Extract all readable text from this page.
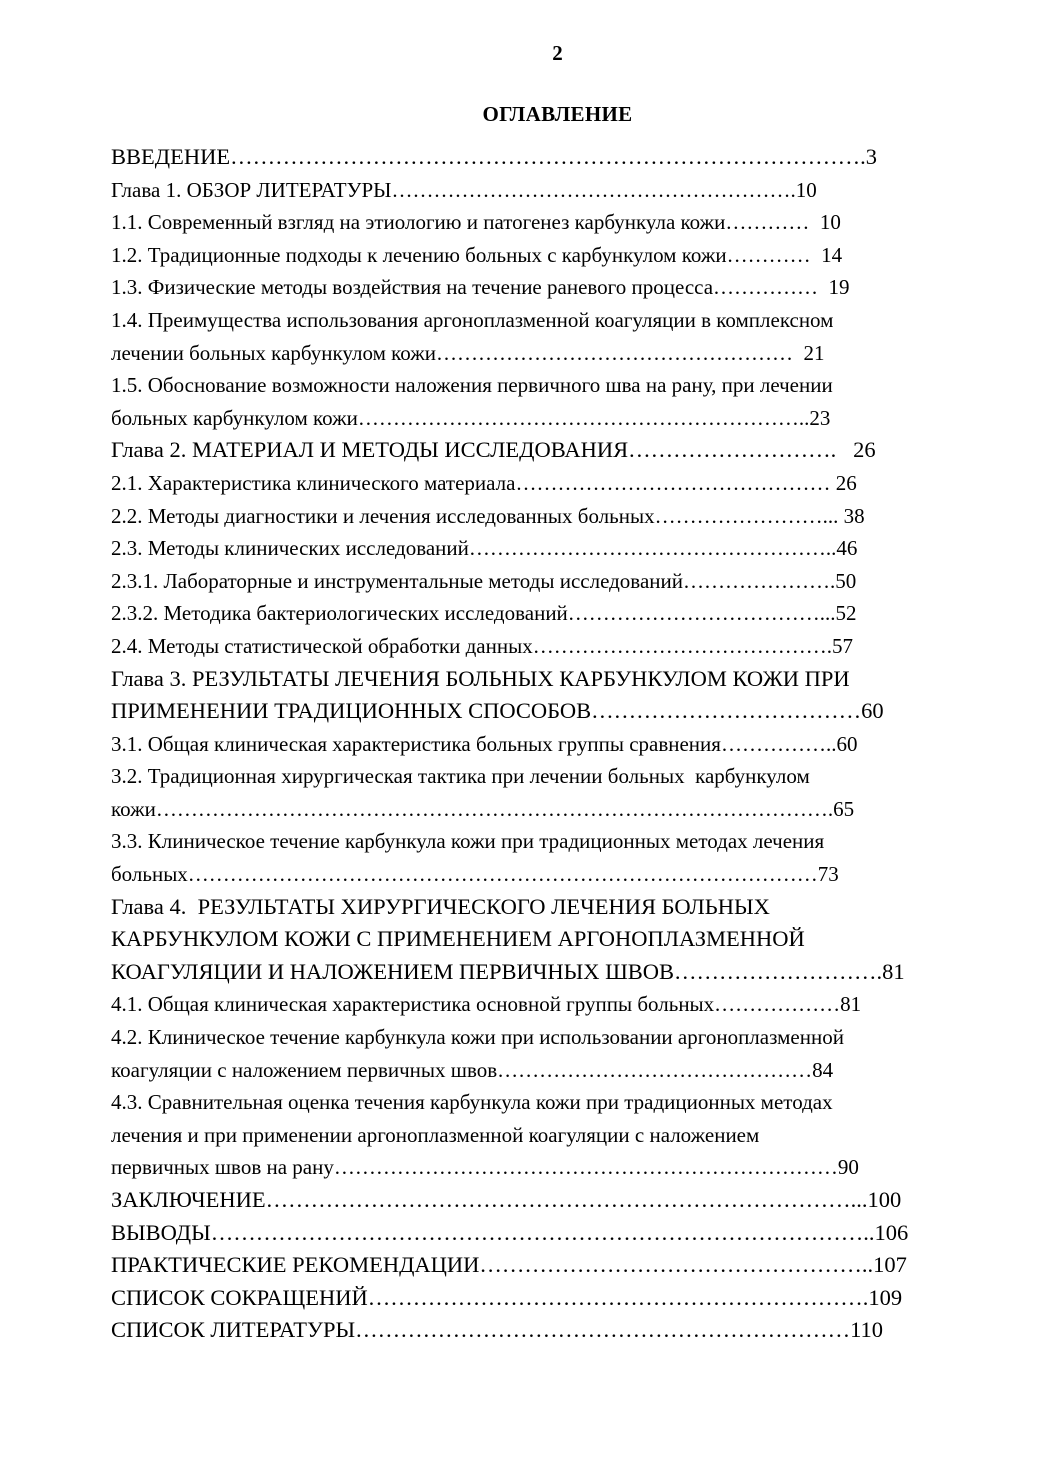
2
ОГЛАВЛЕНИЕ
ВВЕДЕНИЕ………………………………………………………………………….3
Глава 1. ОБЗОР ЛИТЕРАТУРЫ………………………………………………….10
1.1. Современный взгляд на этиологию и патогенез карбункула кожи…………  10
1.2. Традиционные подходы к лечению больных с карбункулом кожи…………  14
1.3. Физические методы воздействия на течение раневого процесса……………  19
1.4. Преимущества использования аргоноплазменной коагуляции в комплексном
лечении больных карбункулом кожи……………………………………………  21
1.5. Обоснование возможности наложения первичного шва на рану, при лечении
больных карбункулом кожи………………………………………………………..23
Глава 2. МАТЕРИАЛ И МЕТОДЫ ИССЛЕДОВАНИЯ……………………….   26
2.1. Характеристика клинического материала……………………………………… 26
2.2. Методы диагностики и лечения исследованных больных……………………... 38
2.3. Методы клинических исследований……………………………………………..46
2.3.1. Лабораторные и инструментальные методы исследований………………….50
2.3.2. Методика бактериологических исследований………………………………...52
2.4. Методы статистической обработки данных…………………………………….57
Глава 3. РЕЗУЛЬТАТЫ ЛЕЧЕНИЯ БОЛЬНЫХ КАРБУНКУЛОМ КОЖИ ПРИ
ПРИМЕНЕНИИ ТРАДИЦИОННЫХ СПОСОБОВ………………………………60
3.1. Общая клиническая характеристика больных группы сравнения……………..60
3.2. Традиционная хирургическая тактика при лечении больных  карбункулом
кожи…………………………………………………………………………………….65
3.3. Клиническое течение карбункула кожи при традиционных методах лечения
больных………………………………………………………………………………73
Глава 4.  РЕЗУЛЬТАТЫ ХИРУРГИЧЕСКОГО ЛЕЧЕНИЯ БОЛЬНЫХ
КАРБУНКУЛОМ КОЖИ С ПРИМЕНЕНИЕМ АРГОНОПЛАЗМЕННОЙ
КОАГУЛЯЦИИ И НАЛОЖЕНИЕМ ПЕРВИЧНЫХ ШВОВ……………………….81
4.1. Общая клиническая характеристика основной группы больных………………81
4.2. Клиническое течение карбункула кожи при использовании аргоноплазменной
коагуляции с наложением первичных швов………………………………………84
4.3. Сравнительная оценка течения карбункула кожи при традиционных методах
лечения и при применении аргоноплазменной коагуляции с наложением
первичных швов на рану………………………………………………………………90
ЗАКЛЮЧЕНИЕ……………………………………………………………………...100
ВЫВОДЫ……………………………………………………………………………..106
ПРАКТИЧЕСКИЕ РЕКОМЕНДАЦИИ……………………………………………..107
СПИСОК СОКРАЩЕНИЙ………………………………………………………….109
СПИСОК ЛИТЕРАТУРЫ…………………………………………………………110
